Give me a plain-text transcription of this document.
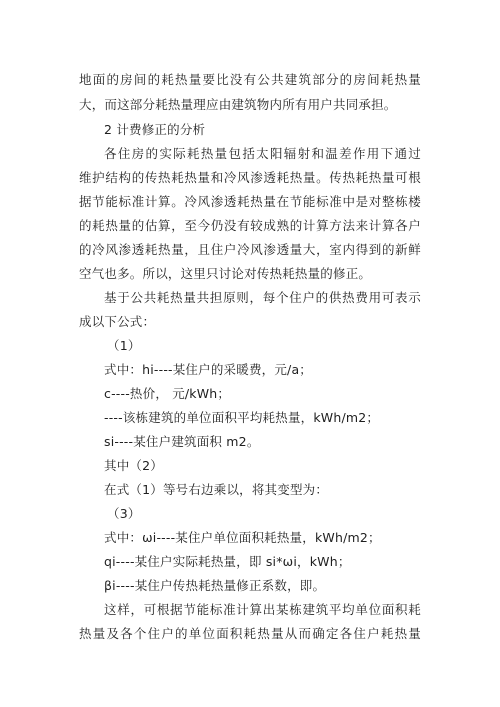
地面的房间的耗热量要比没有公共建筑部分的房间耗热量
大，而这部分耗热量理应由建筑物内所有用户共同承担。
2 计费修正的分析
各住房的实际耗热量包括太阳辐射和温差作用下通过
维护结构的传热耗热量和冷风渗透耗热量。传热耗热量可根
据节能标准计算。冷风渗透耗热量在节能标准中是对整栋楼
的耗热量的估算，至今仍没有较成熟的计算方法来计算各户
的冷风渗透耗热量，且住户冷风渗透量大，室内得到的新鲜
空气也多。所以，这里只讨论对传热耗热量的修正。
基于公共耗热量共担原则，每个住户的供热费用可表示
成以下公式：
（1）
式中：hi----某住户的采暖费，元/a；
c----热价， 元/kWh；
----该栋建筑的单位面积平均耗热量，kWh/m2；
si----某住户建筑面积 m2。
其中（2）
在式（1）等号右边乘以，将其变型为：
（3）
式中：ωi----某住户单位面积耗热量，kWh/m2；
qi----某住户实际耗热量，即 si*ωi，kWh；
βi----某住户传热耗热量修正系数，即。
这样，可根据节能标准计算出某栋建筑平均单位面积耗
热量及各个住户的单位面积耗热量从而确定各住户耗热量
